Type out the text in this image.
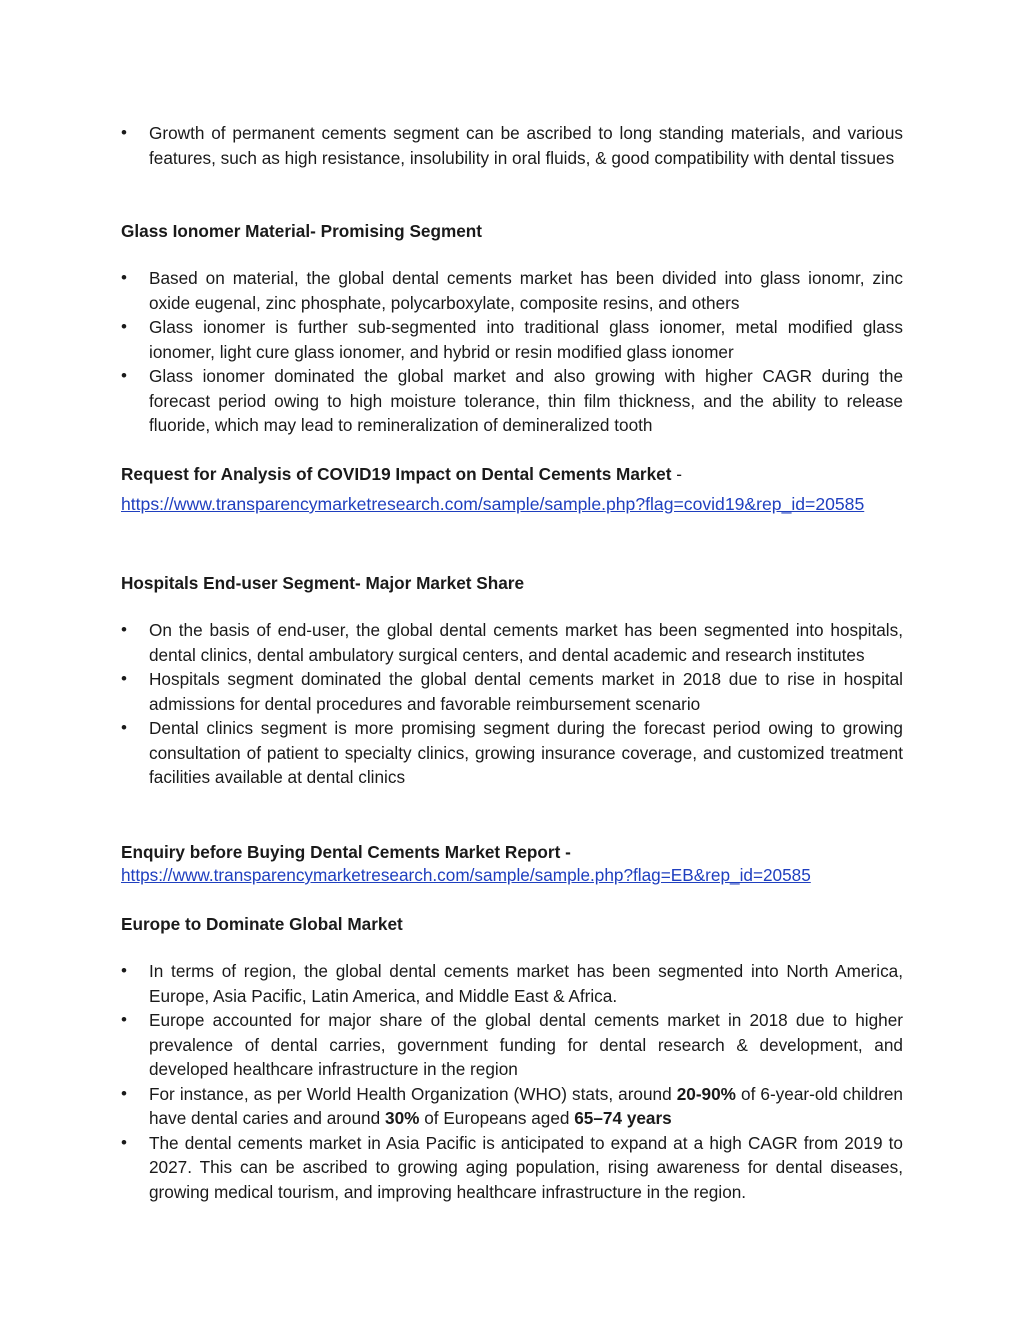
• Growth of permanent cements segment can be ascribed to long standing materials, and various features, such as high resistance, insolubility in oral fluids, & good compatibility with dental tissues
Glass Ionomer Material- Promising Segment
• Based on material, the global dental cements market has been divided into glass ionomr, zinc oxide eugenal, zinc phosphate, polycarboxylate, composite resins, and others
• Glass ionomer is further sub-segmented into traditional glass ionomer, metal modified glass ionomer, light cure glass ionomer, and hybrid or resin modified glass ionomer
• Glass ionomer dominated the global market and also growing with higher CAGR during the forecast period owing to high moisture tolerance, thin film thickness, and the ability to release fluoride, which may lead to remineralization of demineralized tooth
Request for Analysis of COVID19 Impact on Dental Cements Market -
https://www.transparencymarketresearch.com/sample/sample.php?flag=covid19&rep_id=20585
Hospitals End-user Segment- Major Market Share
• On the basis of end-user, the global dental cements market has been segmented into hospitals, dental clinics, dental ambulatory surgical centers, and dental academic and research institutes
• Hospitals segment dominated the global dental cements market in 2018 due to rise in hospital admissions for dental procedures and favorable reimbursement scenario
• Dental clinics segment is more promising segment during the forecast period owing to growing consultation of patient to specialty clinics, growing insurance coverage, and customized treatment facilities available at dental clinics
Enquiry before Buying Dental Cements Market Report -
https://www.transparencymarketresearch.com/sample/sample.php?flag=EB&rep_id=20585
Europe to Dominate Global Market
• In terms of region, the global dental cements market has been segmented into North America, Europe, Asia Pacific, Latin America, and Middle East & Africa.
• Europe accounted for major share of the global dental cements market in 2018 due to higher prevalence of dental carries, government funding for dental research & development, and developed healthcare infrastructure in the region
• For instance, as per World Health Organization (WHO) stats, around 20-90% of 6-year-old children have dental caries and around 30% of Europeans aged 65–74 years
• The dental cements market in Asia Pacific is anticipated to expand at a high CAGR from 2019 to 2027. This can be ascribed to growing aging population, rising awareness for dental diseases, growing medical tourism, and improving healthcare infrastructure in the region.
